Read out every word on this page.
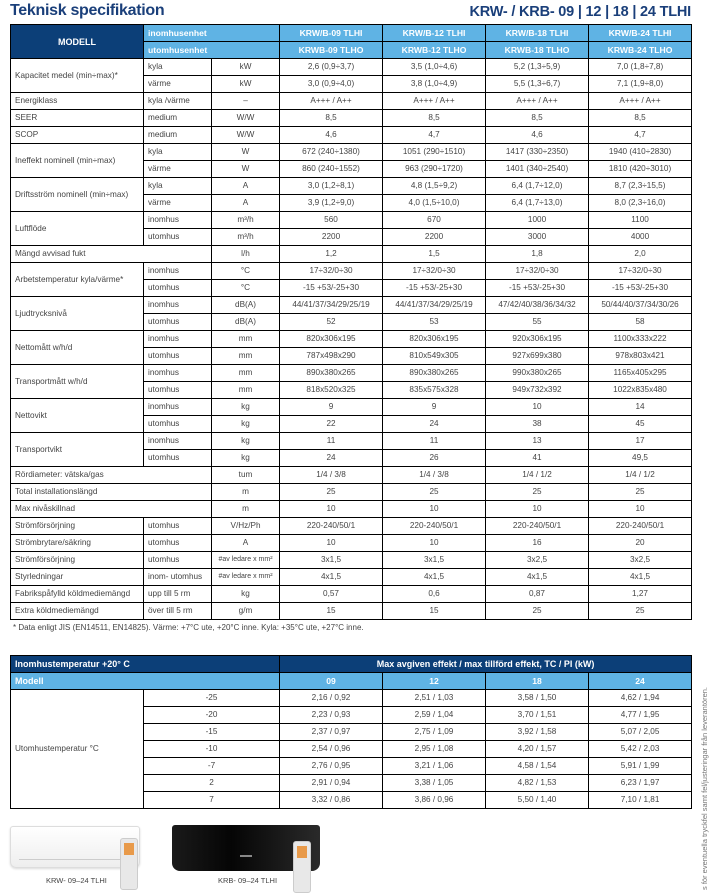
Teknisk specifikation	KRW- / KRB- 09 | 12 | 18 | 24 TLHI
MODELL	inomhusenhet		KRW/B-09 TLHI	KRW/B-12 TLHI	KRW/B-18 TLHI	KRW/B-24 TLHI
	utomhusenhet		KRWB-09 TLHO	KRWB-12 TLHO	KRWB-18 TLHO	KRWB-24 TLHO
Kapacitet medel (min÷max)*	kyla	kW	2,6 (0,9÷3,7)	3,5 (1,0÷4,6)	5,2 (1,3÷5,9)	7,0 (1,8÷7,8)
	värme	kW	3,0 (0,9÷4,0)	3,8 (1,0÷4,9)	5,5 (1,3÷6,7)	7,1 (1,9÷8,0)
Energiklass	kyla /värme	–	A+++ / A++	A+++ / A++	A+++ / A++	A+++ / A++
SEER	medium	W/W	8,5	8,5	8,5	8,5
SCOP	medium	W/W	4,6	4,7	4,6	4,7
Ineffekt nominell (min÷max)	kyla	W	672 (240÷1380)	1051 (290÷1510)	1417 (330÷2350)	1940 (410÷2830)
	värme	W	860 (240÷1552)	963 (290÷1720)	1401 (340÷2540)	1810 (420÷3010)
Driftsström nominell (min÷max)	kyla	A	3,0 (1,2÷8,1)	4,8 (1,5÷9,2)	6,4 (1,7÷12,0)	8,7 (2,3÷15,5)
	värme	A	3,9 (1,2÷9,0)	4,0 (1,5÷10,0)	6,4 (1,7÷13,0)	8,0 (2,3÷16,0)
Luftflöde	inomhus	m³/h	560	670	1000	1100
	utomhus	m³/h	2200	2200	3000	4000
Mängd avvisad fukt		l/h	1,2	1,5	1,8	2,0
Arbetstemperatur kyla/värme*	inomhus	°C	17÷32/0÷30	17÷32/0÷30	17÷32/0÷30	17÷32/0÷30
	utomhus	°C	-15 +53/-25+30	-15 +53/-25+30	-15 +53/-25+30	-15 +53/-25+30
Ljudtrycksnivå	inomhus	dB(A)	44/41/37/34/29/25/19	44/41/37/34/29/25/19	47/42/40/38/36/34/32	50/44/40/37/34/30/26
	utomhus	dB(A)	52	53	55	58
Nettomått w/h/d	inomhus	mm	820x306x195	820x306x195	920x306x195	1100x333x222
	utomhus	mm	787x498x290	810x549x305	927x699x380	978x803x421
Transportmått w/h/d	inomhus	mm	890x380x265	890x380x265	990x380x265	1165x405x295
	utomhus	mm	818x520x325	835x575x328	949x732x392	1022x835x480
Nettovikt	inomhus	kg	9	9	10	14
	utomhus	kg	22	24	38	45
Transportvikt	inomhus	kg	11	11	13	17
	utomhus	kg	24	26	41	49,5
Rördiameter: vätska/gas		tum	1/4 / 3/8	1/4 / 3/8	1/4 / 1/2	1/4 / 1/2
Total installationslängd		m	25	25	25	25
Max nivåskillnad		m	10	10	10	10
Strömförsörjning	utomhus	V/Hz/Ph	220-240/50/1	220-240/50/1	220-240/50/1	220-240/50/1
Strömbrytare/säkring	utomhus	A	10	10	16	20
Strömförsörjning	utomhus	#av ledare x mm²	3x1,5	3x1,5	3x2,5	3x2,5
Styrledningar	inom- utomhus	#av ledare x mm²	4x1,5	4x1,5	4x1,5	4x1,5
Fabrikspåfylld köldmediemängd	upp till 5 rm	kg	0,57	0,6	0,87	1,27
Extra köldmediemängd	över till 5 rm	g/m	15	15	25	25
* Data enligt JIS (EN14511, EN14825). Värme: +7°C ute, +20°C inne. Kyla: +35°C ute, +27°C inne.
Inomhustemperatur +20° C		Max avgiven effekt / max tillförd effekt, TC / PI (kW)			
Modell		09	12	18	24
Utomhustemperatur °C	-25	2,16 / 0,92	2,51 / 1,03	3,58 / 1,50	4,62 / 1,94
	-20	2,23 / 0,93	2,59 / 1,04	3,70 / 1,51	4,77 / 1,95
	-15	2,37 / 0,97	2,75 / 1,09	3,92 / 1,58	5,07 / 2,05
	-10	2,54 / 0,96	2,95 / 1,08	4,20 / 1,57	5,42 / 2,03
	-7	2,76 / 0,95	3,21 / 1,06	4,58 / 1,54	5,91 / 1,99
	2	2,91 / 0,94	3,38 / 1,05	4,82 / 1,53	6,23 / 1,97
	7	3,32 / 0,86	3,86 / 0,96	5,50 / 1,40	7,10 / 1,81
KRW- 09–24 TLHI	KRB- 09–24 TLHI	s för eventuella tryckfel samt fel/justeringar från leverantören.
